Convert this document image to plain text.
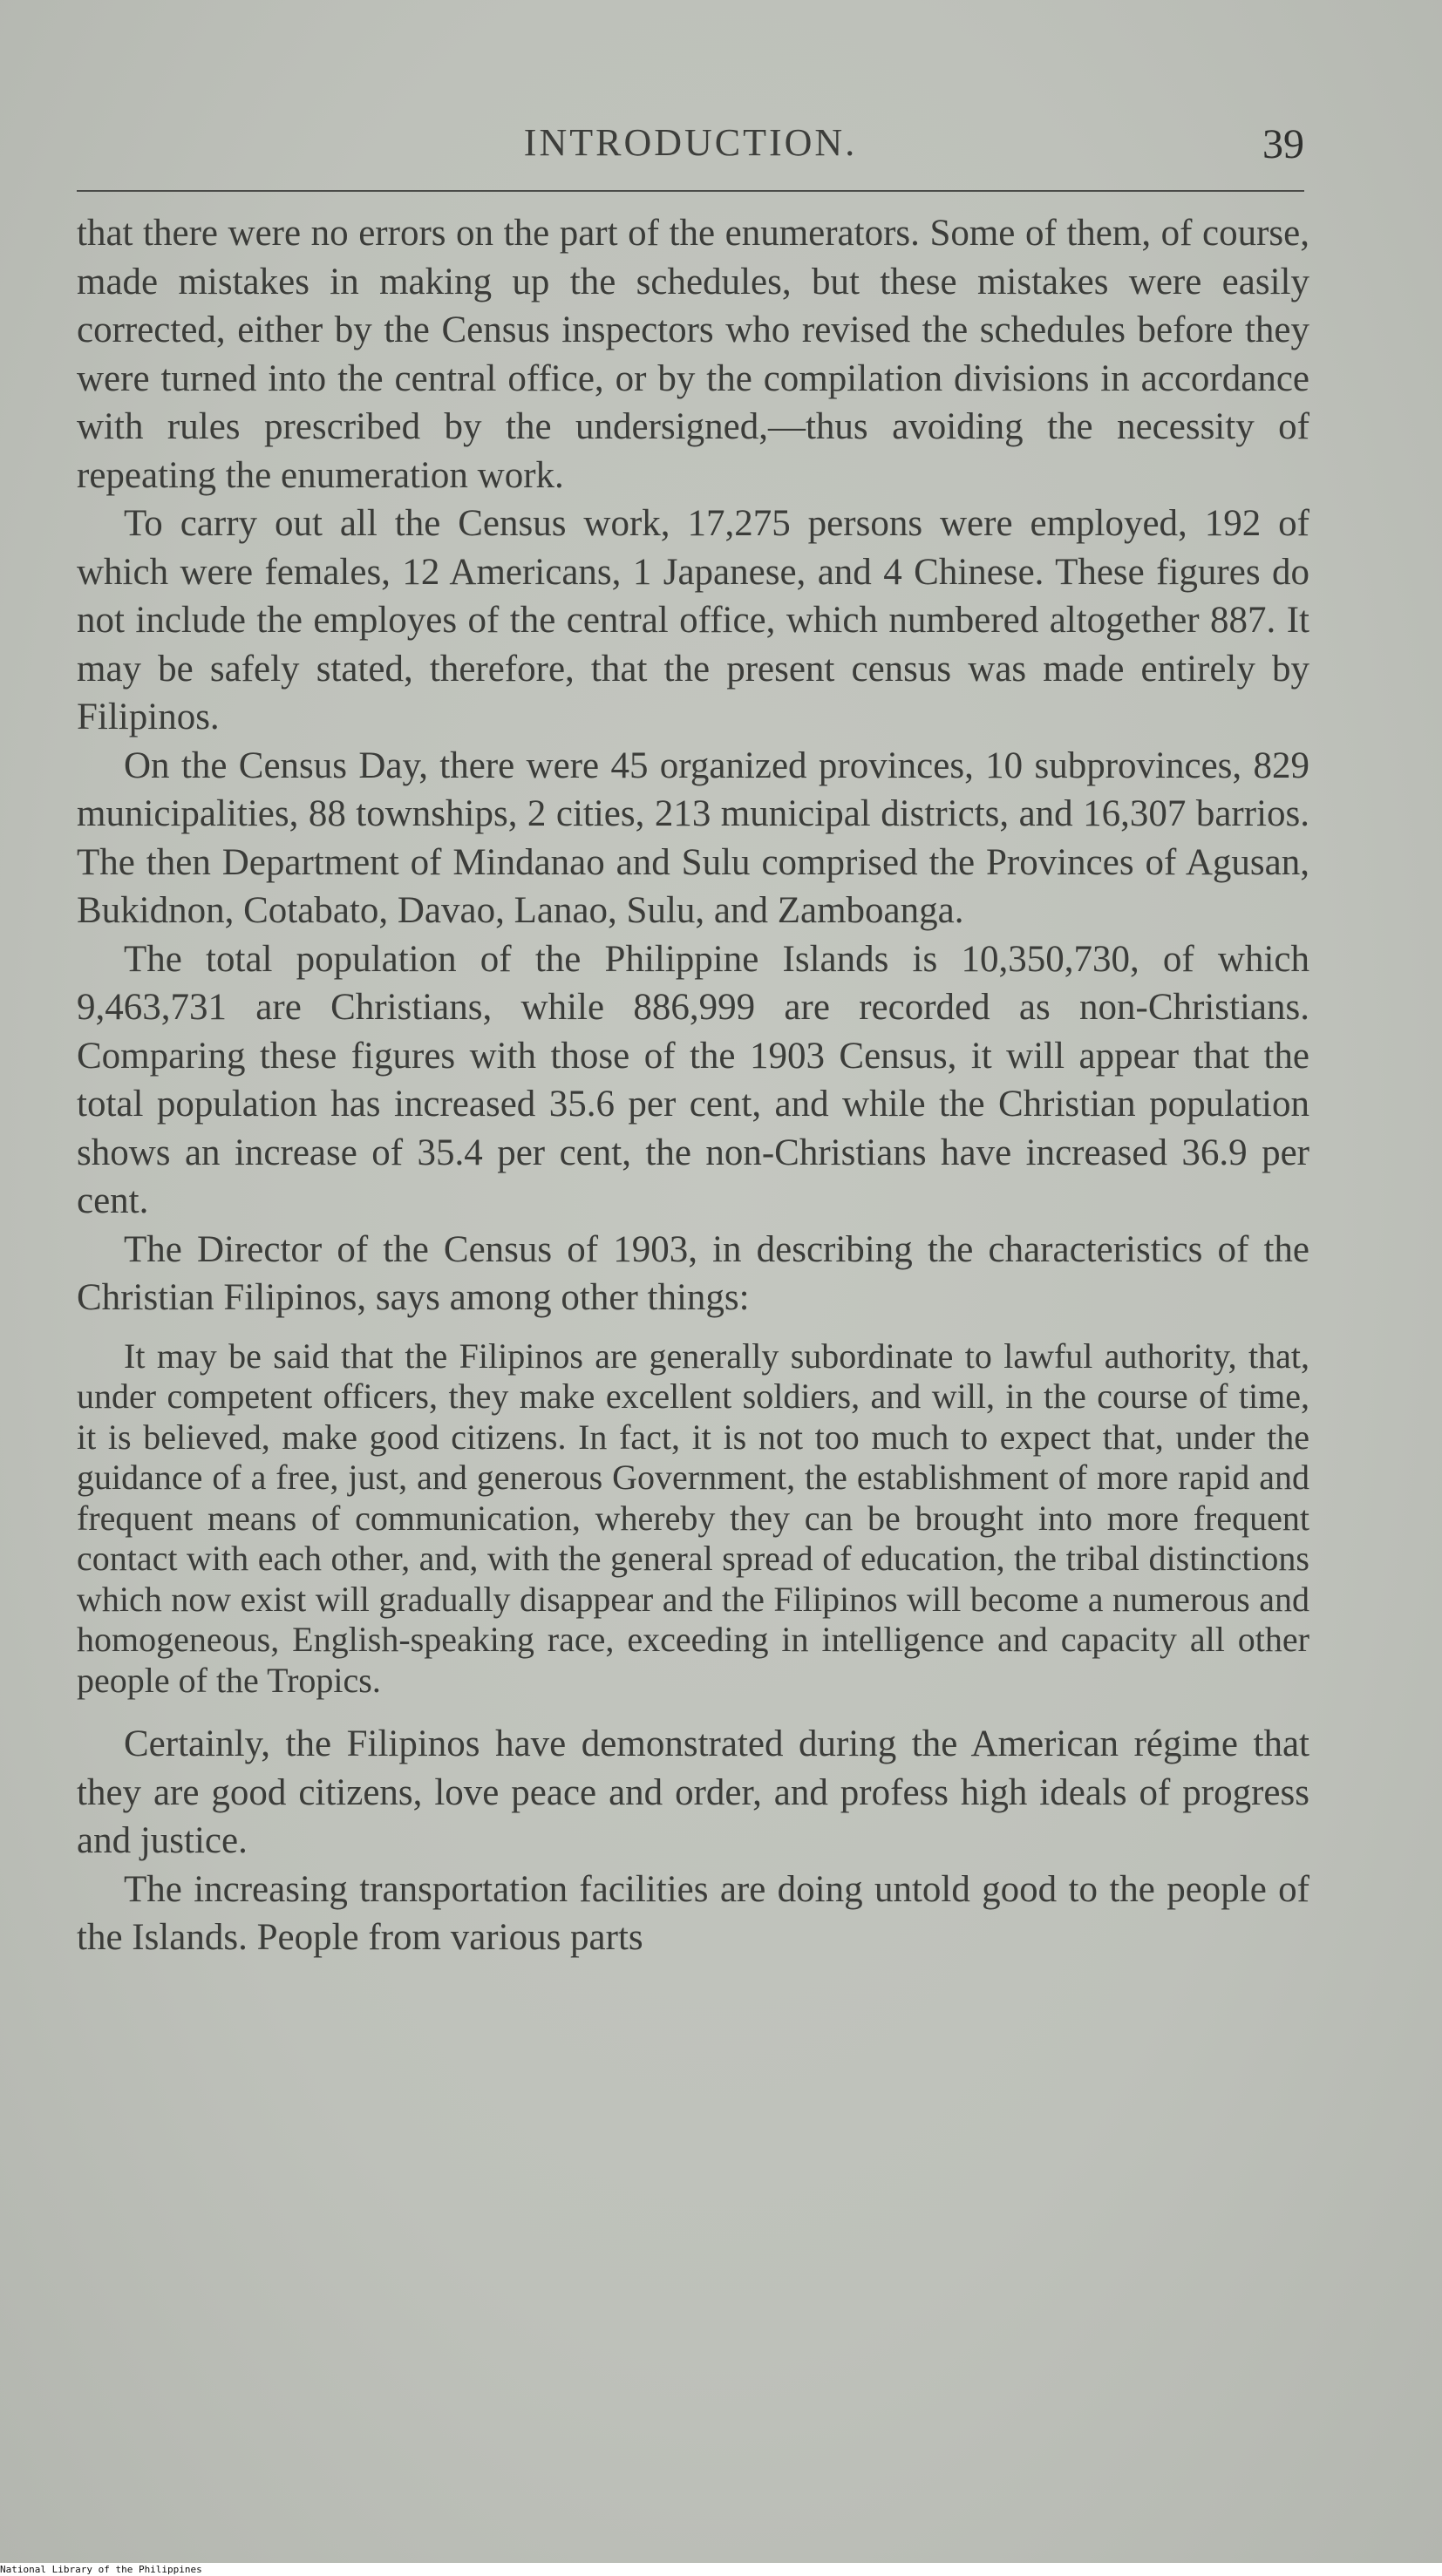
INTRODUCTION.	39

that there were no errors on the part of the enumerators. Some of them, of course, made mistakes in making up the schedules, but these mistakes were easily corrected, either by the Census inspectors who revised the schedules before they were turned into the central office, or by the compilation divisions in accordance with rules prescribed by the undersigned,—thus avoiding the necessity of repeating the enumeration work.

To carry out all the Census work, 17,275 persons were employed, 192 of which were females, 12 Americans, 1 Japanese, and 4 Chinese. These figures do not include the employes of the central office, which numbered altogether 887. It may be safely stated, therefore, that the present census was made entirely by Filipinos.

On the Census Day, there were 45 organized provinces, 10 subprovinces, 829 municipalities, 88 townships, 2 cities, 213 municipal districts, and 16,307 barrios. The then Department of Mindanao and Sulu comprised the Provinces of Agusan, Bukidnon, Cotabato, Davao, Lanao, Sulu, and Zamboanga.

The total population of the Philippine Islands is 10,350,730, of which 9,463,731 are Christians, while 886,999 are recorded as non-Christians. Comparing these figures with those of the 1903 Census, it will appear that the total population has increased 35.6 per cent, and while the Christian population shows an increase of 35.4 per cent, the non-Christians have increased 36.9 per cent.

The Director of the Census of 1903, in describing the characteristics of the Christian Filipinos, says among other things:

It may be said that the Filipinos are generally subordinate to lawful authority, that, under competent officers, they make excellent soldiers, and will, in the course of time, it is believed, make good citizens. In fact, it is not too much to expect that, under the guidance of a free, just, and generous Government, the establishment of more rapid and frequent means of communication, whereby they can be brought into more frequent contact with each other, and, with the general spread of education, the tribal distinctions which now exist will gradually disappear and the Filipinos will become a numerous and homogeneous, English-speaking race, exceeding in intelligence and capacity all other people of the Tropics.

Certainly, the Filipinos have demonstrated during the American régime that they are good citizens, love peace and order, and profess high ideals of progress and justice.

The increasing transportation facilities are doing untold good to the people of the Islands. People from various parts

National Library of the Philippines
